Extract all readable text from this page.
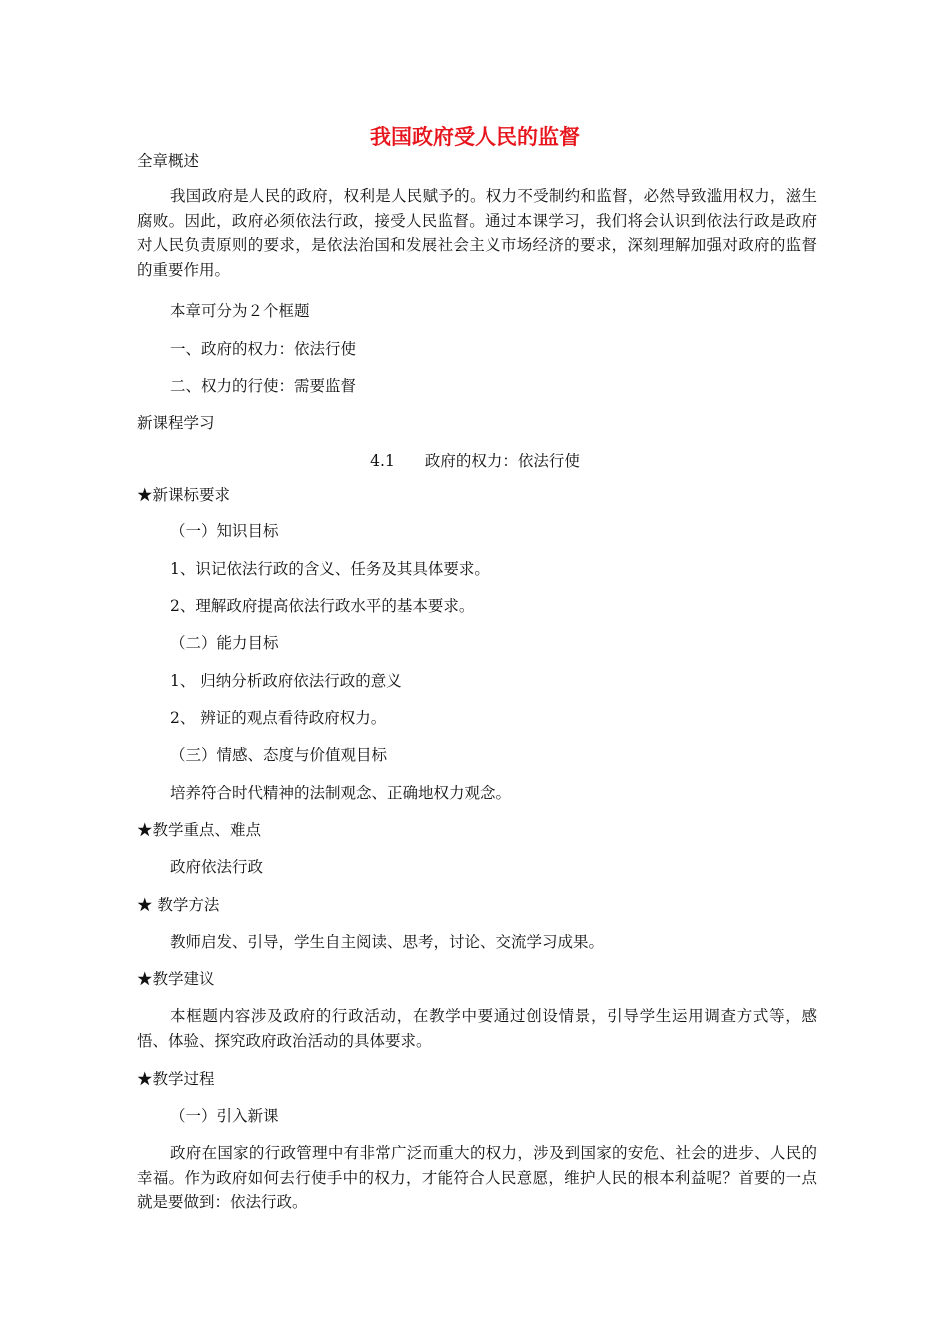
我国政府受人民的监督
全章概述
我国政府是人民的政府，权利是人民赋予的。权力不受制约和监督，必然导致滥用权力，滋生腐败。因此，政府必须依法行政，接受人民监督。通过本课学习，我们将会认识到依法行政是政府对人民负责原则的要求，是依法治国和发展社会主义市场经济的要求，深刻理解加强对政府的监督的重要作用。
本章可分为２个框题
一、政府的权力：依法行使
二、权力的行使：需要监督
新课程学习
4.1 政府的权力：依法行使
★新课标要求
（一）知识目标
1、识记依法行政的含义、任务及其具体要求。
2、理解政府提高依法行政水平的基本要求。
（二）能力目标
1、 归纳分析政府依法行政的意义
2、 辨证的观点看待政府权力。
（三）情感、态度与价值观目标
培养符合时代精神的法制观念、正确地权力观念。
★教学重点、难点
政府依法行政
★ 教学方法
教师启发、引导，学生自主阅读、思考，讨论、交流学习成果。
★教学建议
本框题内容涉及政府的行政活动，在教学中要通过创设情景，引导学生运用调查方式等，感悟、体验、探究政府政治活动的具体要求。
★教学过程
（一）引入新课
政府在国家的行政管理中有非常广泛而重大的权力，涉及到国家的安危、社会的进步、人民的幸福。作为政府如何去行使手中的权力，才能符合人民意愿，维护人民的根本利益呢？首要的一点就是要做到：依法行政。
